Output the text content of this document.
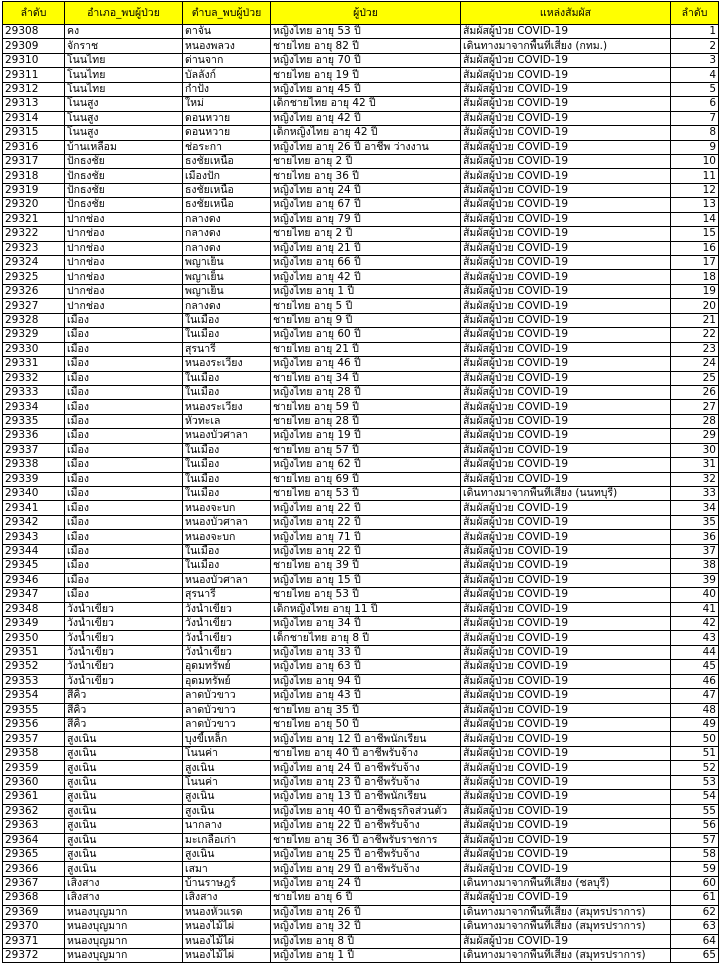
ลำดับ	อำเภอ_พบผู้ป่วย	ตำบล_พบผู้ป่วย	ผู้ป่วย	แหล่งสัมผัส	ลำดับ
29308	คง	ตาจั่น	หญิงไทย อายุ 53 ปี	สัมผัสผู้ป่วย COVID-19	1
29309	จักราช	หนองพลวง	ชายไทย อายุ 82 ปี	เดินทางมาจากพื้นที่เสี่ยง (กทม.)	2
29310	โนนไทย	ด่านจาก	หญิงไทย อายุ 70 ปี	สัมผัสผู้ป่วย COVID-19	3
29311	โนนไทย	บัลลังก์	ชายไทย อายุ 19 ปี	สัมผัสผู้ป่วย COVID-19	4
29312	โนนไทย	กำปัง	หญิงไทย อายุ 45 ปี	สัมผัสผู้ป่วย COVID-19	5
29313	โนนสูง	ใหม่	เด็กชายไทย อายุ 42 ปี	สัมผัสผู้ป่วย COVID-19	6
29314	โนนสูง	ดอนหวาย	หญิงไทย อายุ 42 ปี	สัมผัสผู้ป่วย COVID-19	7
29315	โนนสูง	ดอนหวาย	เด็กหญิงไทย อายุ 42 ปี	สัมผัสผู้ป่วย COVID-19	8
29316	บ้านเหลื่อม	ช่อระกา	หญิงไทย อายุ 26 ปี อาชีพ ว่างงาน	สัมผัสผู้ป่วย COVID-19	9
29317	ปักธงชัย	ธงชัยเหนือ	ชายไทย อายุ 2 ปี	สัมผัสผู้ป่วย COVID-19	10
29318	ปักธงชัย	เมืองปัก	ชายไทย อายุ 36 ปี	สัมผัสผู้ป่วย COVID-19	11
29319	ปักธงชัย	ธงชัยเหนือ	หญิงไทย อายุ 24 ปี	สัมผัสผู้ป่วย COVID-19	12
29320	ปักธงชัย	ธงชัยเหนือ	หญิงไทย อายุ 67 ปี	สัมผัสผู้ป่วย COVID-19	13
29321	ปากช่อง	กลางดง	หญิงไทย อายุ 79 ปี	สัมผัสผู้ป่วย COVID-19	14
29322	ปากช่อง	กลางดง	ชายไทย อายุ 2 ปี	สัมผัสผู้ป่วย COVID-19	15
29323	ปากช่อง	กลางดง	หญิงไทย อายุ 21 ปี	สัมผัสผู้ป่วย COVID-19	16
29324	ปากช่อง	พญาเย็น	หญิงไทย อายุ 66 ปี	สัมผัสผู้ป่วย COVID-19	17
29325	ปากช่อง	พญาเย็น	หญิงไทย อายุ 42 ปี	สัมผัสผู้ป่วย COVID-19	18
29326	ปากช่อง	พญาเย็น	หญิงไทย อายุ 1 ปี	สัมผัสผู้ป่วย COVID-19	19
29327	ปากช่อง	กลางดง	ชายไทย อายุ 5 ปี	สัมผัสผู้ป่วย COVID-19	20
29328	เมือง	ในเมือง	ชายไทย อายุ 9 ปี	สัมผัสผู้ป่วย COVID-19	21
29329	เมือง	ในเมือง	หญิงไทย อายุ 60 ปี	สัมผัสผู้ป่วย COVID-19	22
29330	เมือง	สุรนารี	ชายไทย อายุ 21 ปี	สัมผัสผู้ป่วย COVID-19	23
29331	เมือง	หนองระเวียง	หญิงไทย อายุ 46 ปี	สัมผัสผู้ป่วย COVID-19	24
29332	เมือง	ในเมือง	ชายไทย อายุ 34 ปี	สัมผัสผู้ป่วย COVID-19	25
29333	เมือง	ในเมือง	หญิงไทย อายุ 28 ปี	สัมผัสผู้ป่วย COVID-19	26
29334	เมือง	หนองระเวียง	ชายไทย อายุ 59 ปี	สัมผัสผู้ป่วย COVID-19	27
29335	เมือง	หัวทะเล	ชายไทย อายุ 28 ปี	สัมผัสผู้ป่วย COVID-19	28
29336	เมือง	หนองบัวศาลา	หญิงไทย อายุ 19 ปี	สัมผัสผู้ป่วย COVID-19	29
29337	เมือง	ในเมือง	ชายไทย อายุ 57 ปี	สัมผัสผู้ป่วย COVID-19	30
29338	เมือง	ในเมือง	หญิงไทย อายุ 62 ปี	สัมผัสผู้ป่วย COVID-19	31
29339	เมือง	ในเมือง	ชายไทย อายุ 69 ปี	สัมผัสผู้ป่วย COVID-19	32
29340	เมือง	ในเมือง	ชายไทย อายุ 53 ปี	เดินทางมาจากพื้นที่เสี่ยง (นนทบุรี)	33
29341	เมือง	หนองจะบก	หญิงไทย อายุ 22 ปี	สัมผัสผู้ป่วย COVID-19	34
29342	เมือง	หนองบัวศาลา	หญิงไทย อายุ 22 ปี	สัมผัสผู้ป่วย COVID-19	35
29343	เมือง	หนองจะบก	หญิงไทย อายุ 71 ปี	สัมผัสผู้ป่วย COVID-19	36
29344	เมือง	ในเมือง	หญิงไทย อายุ 22 ปี	สัมผัสผู้ป่วย COVID-19	37
29345	เมือง	ในเมือง	ชายไทย อายุ 39 ปี	สัมผัสผู้ป่วย COVID-19	38
29346	เมือง	หนองบัวศาลา	หญิงไทย อายุ 15 ปี	สัมผัสผู้ป่วย COVID-19	39
29347	เมือง	สุรนารี	ชายไทย อายุ 53 ปี	สัมผัสผู้ป่วย COVID-19	40
29348	วังน้ำเขียว	วังน้ำเขียว	เด็กหญิงไทย อายุ 11 ปี	สัมผัสผู้ป่วย COVID-19	41
29349	วังน้ำเขียว	วังน้ำเขียว	หญิงไทย อายุ 34 ปี	สัมผัสผู้ป่วย COVID-19	42
29350	วังน้ำเขียว	วังน้ำเขียว	เด็กชายไทย อายุ 8 ปี	สัมผัสผู้ป่วย COVID-19	43
29351	วังน้ำเขียว	วังน้ำเขียว	หญิงไทย อายุ 33 ปี	สัมผัสผู้ป่วย COVID-19	44
29352	วังน้ำเขียว	อุดมทรัพย์	หญิงไทย อายุ 63 ปี	สัมผัสผู้ป่วย COVID-19	45
29353	วังน้ำเขียว	อุดมทรัพย์	หญิงไทย อายุ 94 ปี	สัมผัสผู้ป่วย COVID-19	46
29354	สีคิ้ว	ลาดบัวขาว	หญิงไทย อายุ 43 ปี	สัมผัสผู้ป่วย COVID-19	47
29355	สีคิ้ว	ลาดบัวขาว	ชายไทย อายุ 35 ปี	สัมผัสผู้ป่วย COVID-19	48
29356	สีคิ้ว	ลาดบัวขาว	ชายไทย อายุ 50 ปี	สัมผัสผู้ป่วย COVID-19	49
29357	สูงเนิน	บุงขี้เหล็ก	หญิงไทย อายุ 12 ปี อาชีพนักเรียน	สัมผัสผู้ป่วย COVID-19	50
29358	สูงเนิน	โนนค่า	ชายไทย อายุ 40 ปี อาชีพรับจ้าง	สัมผัสผู้ป่วย COVID-19	51
29359	สูงเนิน	สูงเนิน	หญิงไทย อายุ 24 ปี อาชีพรับจ้าง	สัมผัสผู้ป่วย COVID-19	52
29360	สูงเนิน	โนนค่า	หญิงไทย อายุ 23 ปี อาชีพรับจ้าง	สัมผัสผู้ป่วย COVID-19	53
29361	สูงเนิน	สูงเนิน	หญิงไทย อายุ 13 ปี อาชีพนักเรียน	สัมผัสผู้ป่วย COVID-19	54
29362	สูงเนิน	สูงเนิน	หญิงไทย อายุ 40 ปี อาชีพธุรกิจส่วนตัว	สัมผัสผู้ป่วย COVID-19	55
29363	สูงเนิน	นากลาง	หญิงไทย อายุ 22 ปี อาชีพรับจ้าง	สัมผัสผู้ป่วย COVID-19	56
29364	สูงเนิน	มะเกลือเก่า	ชายไทย อายุ 36 ปี อาชีพรับราชการ	สัมผัสผู้ป่วย COVID-19	57
29365	สูงเนิน	สูงเนิน	หญิงไทย อายุ 25 ปี อาชีพรับจ้าง	สัมผัสผู้ป่วย COVID-19	58
29366	สูงเนิน	เสมา	หญิงไทย อายุ 29 ปี อาชีพรับจ้าง	สัมผัสผู้ป่วย COVID-19	59
29367	เสิงสาง	บ้านราษฎร์	หญิงไทย อายุ 24 ปี	เดินทางมาจากพื้นที่เสี่ยง (ชลบุรี)	60
29368	เสิงสาง	เสิงสาง	ชายไทย อายุ 6 ปี	สัมผัสผู้ป่วย COVID-19	61
29369	หนองบุญมาก	หนองหัวแรด	หญิงไทย อายุ 26 ปี	เดินทางมาจากพื้นที่เสี่ยง (สมุทรปราการ)	62
29370	หนองบุญมาก	หนองไม้ไผ่	หญิงไทย อายุ 32 ปี	เดินทางมาจากพื้นที่เสี่ยง (สมุทรปราการ)	63
29371	หนองบุญมาก	หนองไม้ไผ่	หญิงไทย อายุ 8 ปี	สัมผัสผู้ป่วย COVID-19	64
29372	หนองบุญมาก	หนองไม้ไผ่	หญิงไทย อายุ 1 ปี	เดินทางมาจากพื้นที่เสี่ยง (สมุทรปราการ)	65
